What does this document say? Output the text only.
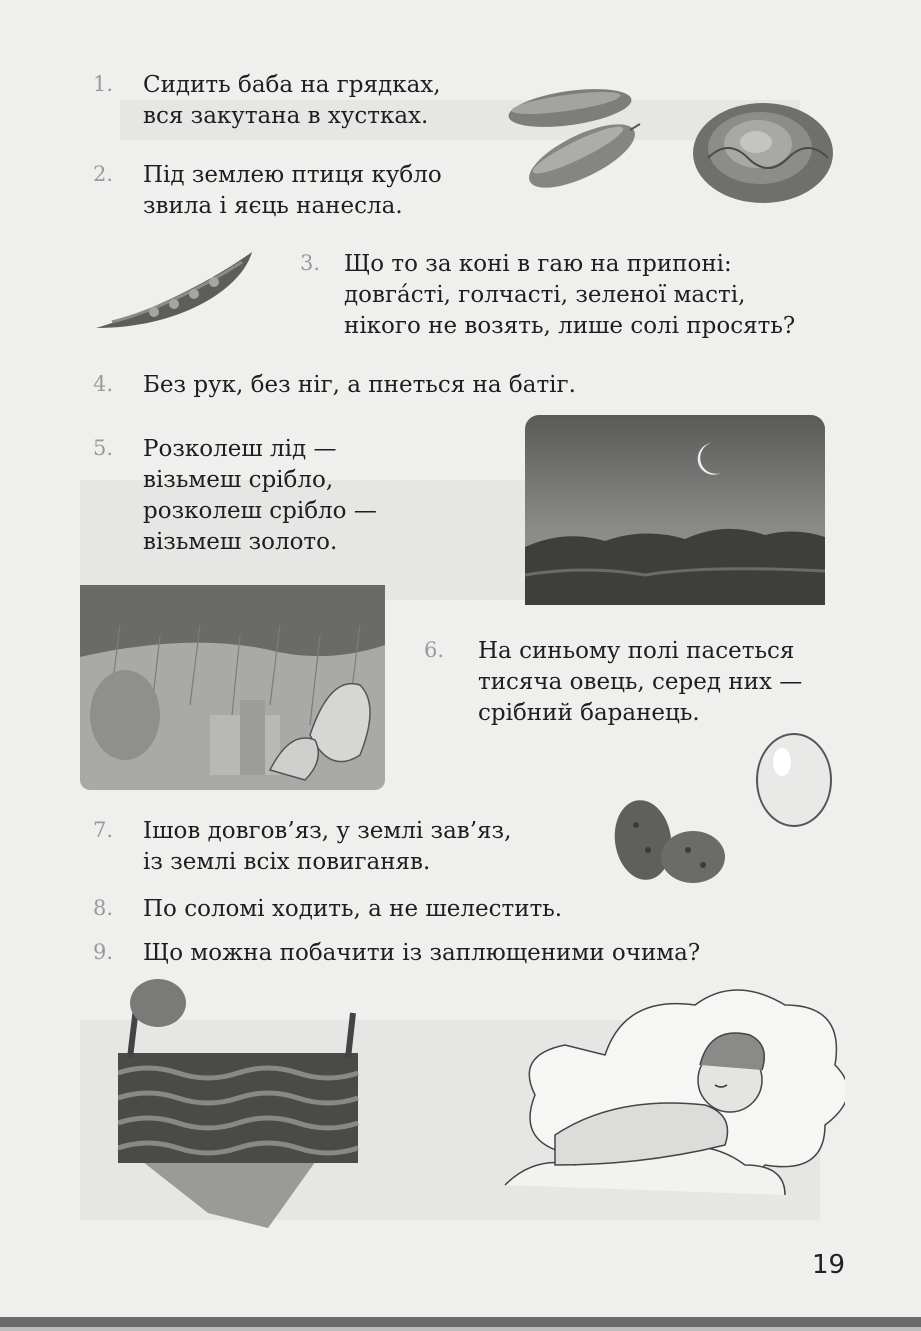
1. Сидить баба на грядках,
вся закутана в хустках.
2. Під землею птиця кубло
звила і яєць нанесла.
3. Що то за коні в гаю на припоні:
довга́сті, голчасті, зеленої масті,
нікого не возять, лише солі просять?
4. Без рук, без ніг, а пнеться на батіг.
5. Розколеш лід —
візьмеш срібло,
розколеш срібло —
візьмеш золото.
6. На синьому полі пасеться
тисяча овець, серед них —
срібний баранець.
7. Ішов довгов’яз, у землі зав’яз,
із землі всіх повиганяв.
8. По соломі ходить, а не шелестить.
9. Що можна побачити із заплющеними очима?
19
